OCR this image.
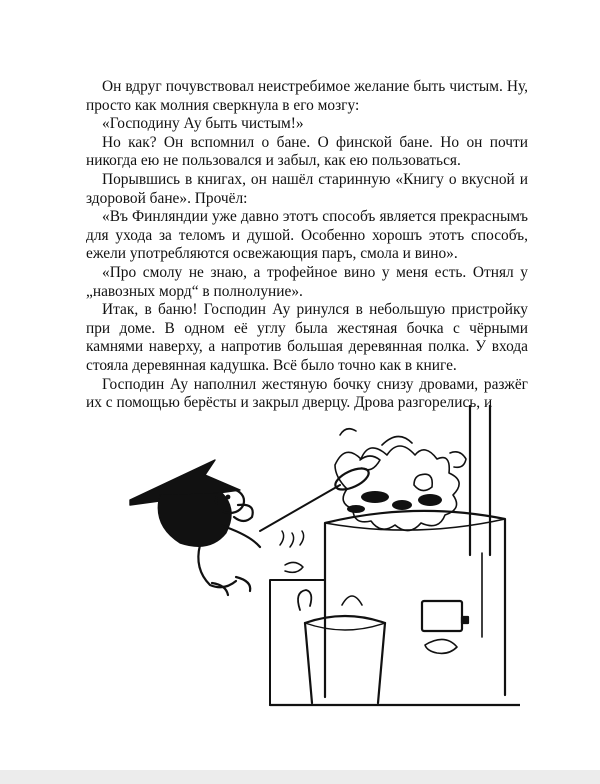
Он вдруг почувствовал неистребимое желание быть чистым. Ну, просто как молния сверкнула в его мозгу:

«Господину Ау быть чистым!»

Но как? Он вспомнил о бане. О финской бане. Но он почти никогда ею не пользовался и забыл, как ею пользоваться.

Порывшись в книгах, он нашёл старинную «Книгу о вкусной и здоровой бане». Прочёл:

«Въ Финляндии уже давно этотъ способъ является прекраснымъ для ухода за теломъ и душой. Особенно хорошъ этотъ способъ, ежели употребляются освежающия паръ, смола и вино».

«Про смолу не знаю, а трофейное вино у меня есть. Отнял у „навозных морд“ в полнолуние».

Итак, в баню! Господин Ау ринулся в небольшую пристройку при доме. В одном её углу была жестяная бочка с чёрными камнями наверху, а напротив большая деревянная полка. У входа стояла деревянная кадушка. Всё было точно как в книге.

Господин Ау наполнил жестяную бочку снизу дровами, разжёг их с помощью берёсты и закрыл дверцу. Дрова разгорелись, и
